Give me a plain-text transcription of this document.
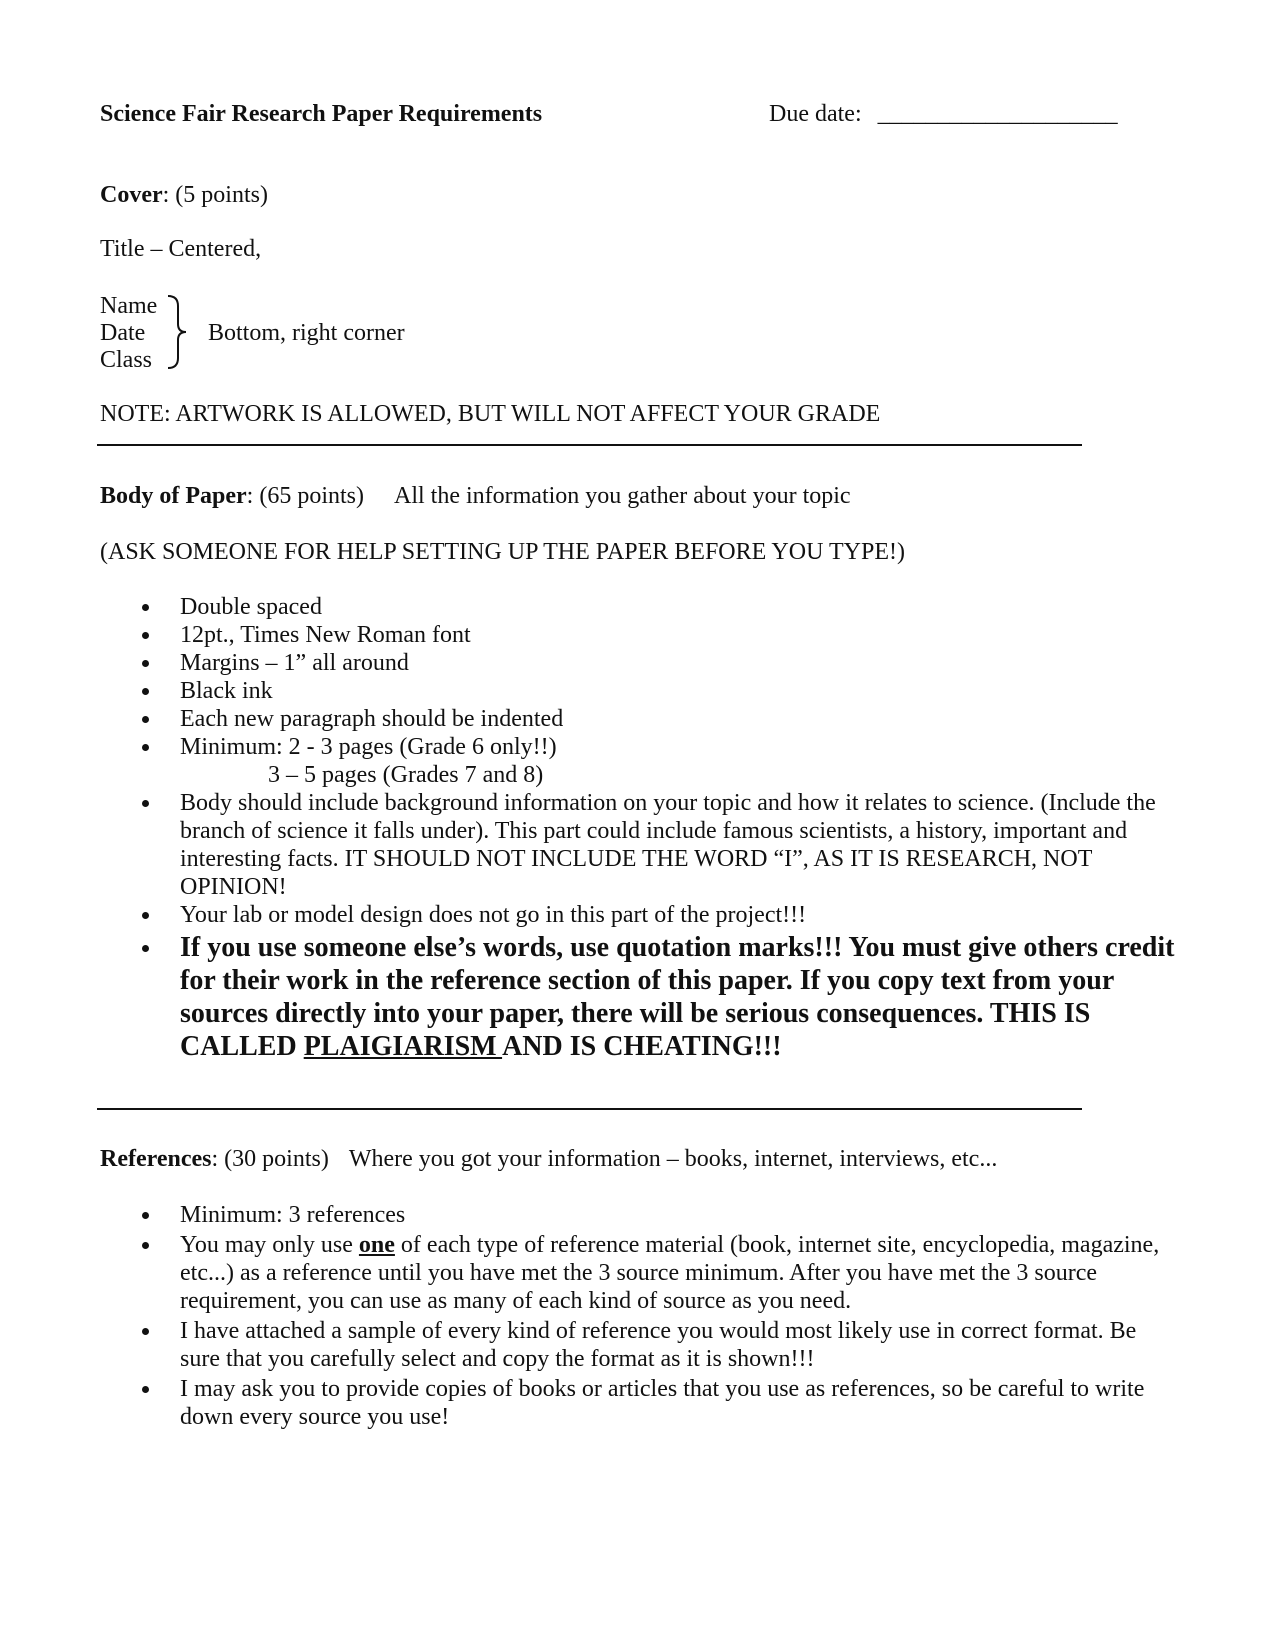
Science Fair Research Paper Requirements	Due date: ____________________
Cover: (5 points)
Title – Centered,
Name
Date
Class
Bottom, right corner
NOTE: ARTWORK IS ALLOWED, BUT WILL NOT AFFECT YOUR GRADE
Body of Paper: (65 points) All the information you gather about your topic
(ASK SOMEONE FOR HELP SETTING UP THE PAPER BEFORE YOU TYPE!)
Double spaced
12pt., Times New Roman font
Margins – 1” all around
Black ink
Each new paragraph should be indented
Minimum: 2 - 3 pages (Grade 6 only!!)
3 – 5 pages (Grades 7 and 8)
Body should include background information on your topic and how it relates to science. (Include the branch of science it falls under). This part could include famous scientists, a history, important and interesting facts. IT SHOULD NOT INCLUDE THE WORD “I”, AS IT IS RESEARCH, NOT OPINION!
Your lab or model design does not go in this part of the project!!!
If you use someone else’s words, use quotation marks!!! You must give others credit for their work in the reference section of this paper. If you copy text from your sources directly into your paper, there will be serious consequences. THIS IS CALLED PLAIGIARISM AND IS CHEATING!!!
References: (30 points) Where you got your information – books, internet, interviews, etc...
Minimum: 3 references
You may only use one of each type of reference material (book, internet site, encyclopedia, magazine, etc...) as a reference until you have met the 3 source minimum. After you have met the 3 source requirement, you can use as many of each kind of source as you need.
I have attached a sample of every kind of reference you would most likely use in correct format. Be sure that you carefully select and copy the format as it is shown!!!
I may ask you to provide copies of books or articles that you use as references, so be careful to write down every source you use!
